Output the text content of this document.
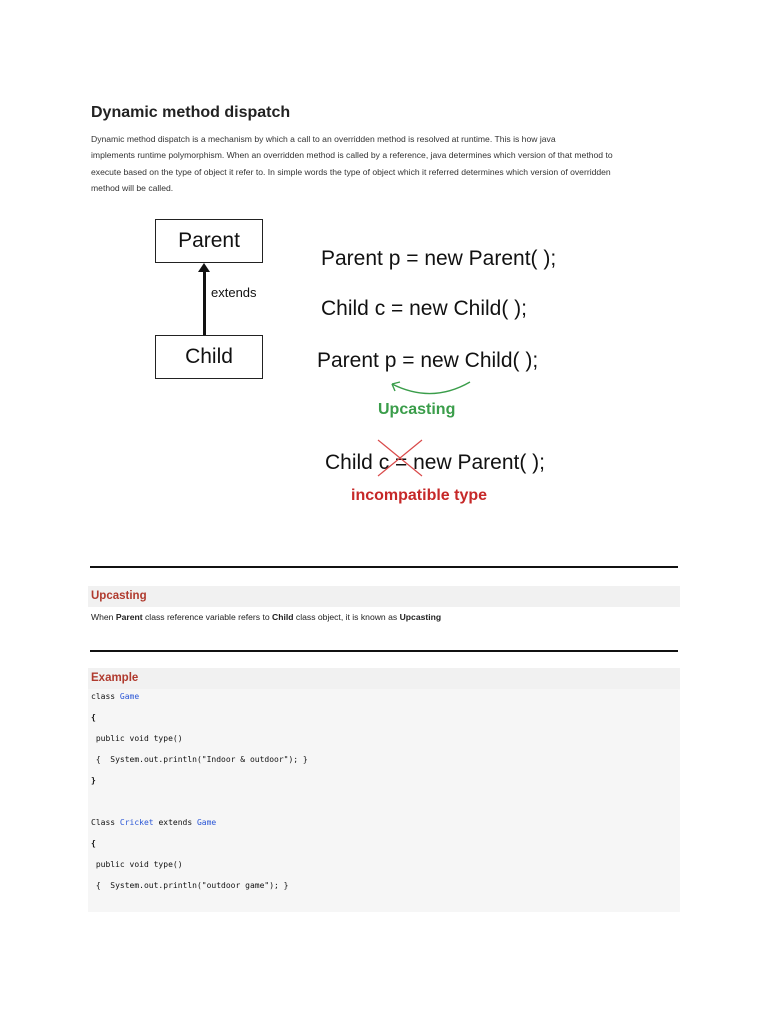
Dynamic method dispatch
Dynamic method dispatch is a mechanism by which a call to an overridden method is resolved at runtime. This is how java
implements runtime polymorphism. When an overridden method is called by a reference, java determines which version of that method to
execute based on the type of object it refer to. In simple words the type of object which it referred determines which version of overridden
method will be called.
Parent
extends
Child
Parent p = new Parent( );
Child c = new Child( );
Parent p = new Child( );
Upcasting
Child c = new Parent( );
incompatible type
Upcasting
When Parent class reference variable refers to Child class object, it is known as Upcasting
Example
class Game
{
public void type()
{  System.out.println("Indoor & outdoor"); }
}
Class Cricket extends Game
{
public void type()
{  System.out.println("outdoor game"); }
